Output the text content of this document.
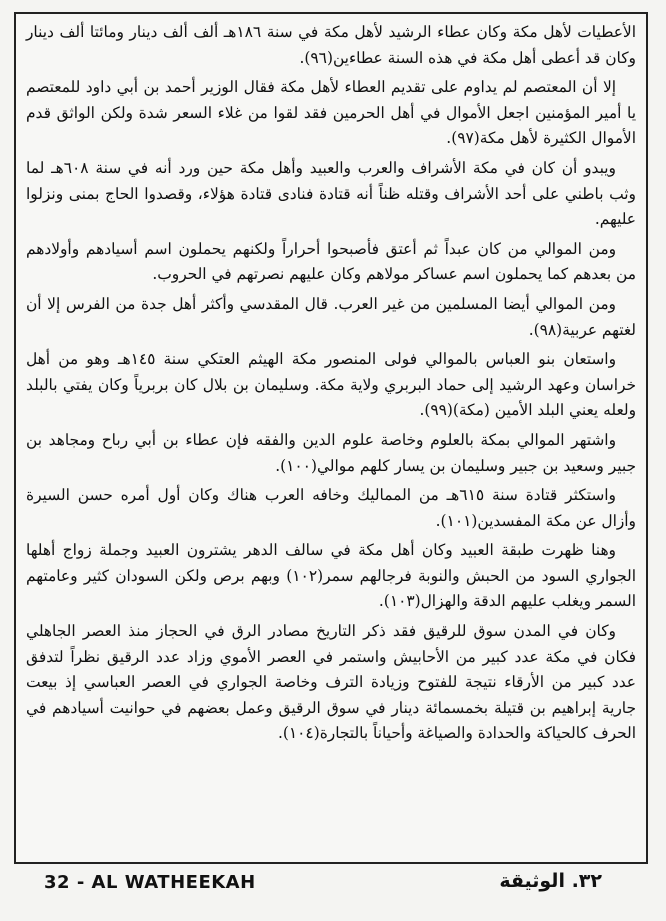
الأعطيات لأهل مكة وكان عطاء الرشيد لأهل مكة في سنة ١٨٦هـ ألف ألف دينار ومائتا ألف دينار وكان قد أعطى أهل مكة في هذه السنة عطاءين(٩٦).

إلا أن المعتصم لم يداوم على تقديم العطاء لأهل مكة فقال الوزير أحمد بن أبي داود للمعتصم يا أمير المؤمنين اجعل الأموال في أهل الحرمين فقد لقوا من غلاء السعر شدة ولكن الواثق قدم الأموال الكثيرة لأهل مكة(٩٧).

ويبدو أن كان في مكة الأشراف والعرب والعبيد وأهل مكة حين ورد أنه في سنة ٦٠٨هـ لما وثب باطني على أحد الأشراف وقتله ظناً أنه قتادة فنادى قتادة هؤلاء، وقصدوا الحاج بمنى ونزلوا عليهم.

ومن الموالي من كان عبداً ثم أعتق فأصبحوا أحراراً ولكنهم يحملون اسم أسيادهم وأولادهم من بعدهم كما يحملون اسم عساكر مولاهم وكان عليهم نصرتهم في الحروب.

ومن الموالي أيضا المسلمين من غير العرب. قال المقدسي وأكثر أهل جدة من الفرس إلا أن لغتهم عربية(٩٨).

واستعان بنو العباس بالموالي فولى المنصور مكة الهيثم العتكي سنة ١٤٥هـ وهو من أهل خراسان وعهد الرشيد إلى حماد البربري ولاية مكة. وسليمان بن بلال كان بربرياً وكان يفتي بالبلد ولعله يعني البلد الأمين (مكة)(٩٩).

واشتهر الموالي بمكة بالعلوم وخاصة علوم الدين والفقه فإن عطاء بن أبي رباح ومجاهد بن جبير وسعيد بن جبير وسليمان بن يسار كلهم موالي(١٠٠).

واستكثر قتادة سنة ٦١٥هـ من المماليك وخافه العرب هناك وكان أول أمره حسن السيرة وأزال عن مكة المفسدين(١٠١).

وهنا ظهرت طبقة العبيد وكان أهل مكة في سالف الدهر يشترون العبيد وجملة زواج أهلها الجواري السود من الحبش والنوبة فرجالهم سمر(١٠٢) وبهم برص ولكن السودان كثير وعامتهم السمر ويغلب عليهم الدقة والهزال(١٠٣).

وكان في المدن سوق للرقيق فقد ذكر التاريخ مصادر الرق في الحجاز منذ العصر الجاهلي فكان في مكة عدد كبير من الأحابيش واستمر في العصر الأموي وزاد عدد الرقيق نظراً لتدفق عدد كبير من الأرقاء نتيجة للفتوح وزيادة الترف وخاصة الجواري في العصر العباسي إذ بيعت جارية إبراهيم بن قتيلة بخمسمائة دينار في سوق الرقيق وعمل بعضهم في حوانيت أسيادهم في الحرف كالحياكة والحدادة والصياغة وأحياناً بالتجارة(١٠٤).

32 - AL WATHEEKAH	٣٢. الوثيقة
